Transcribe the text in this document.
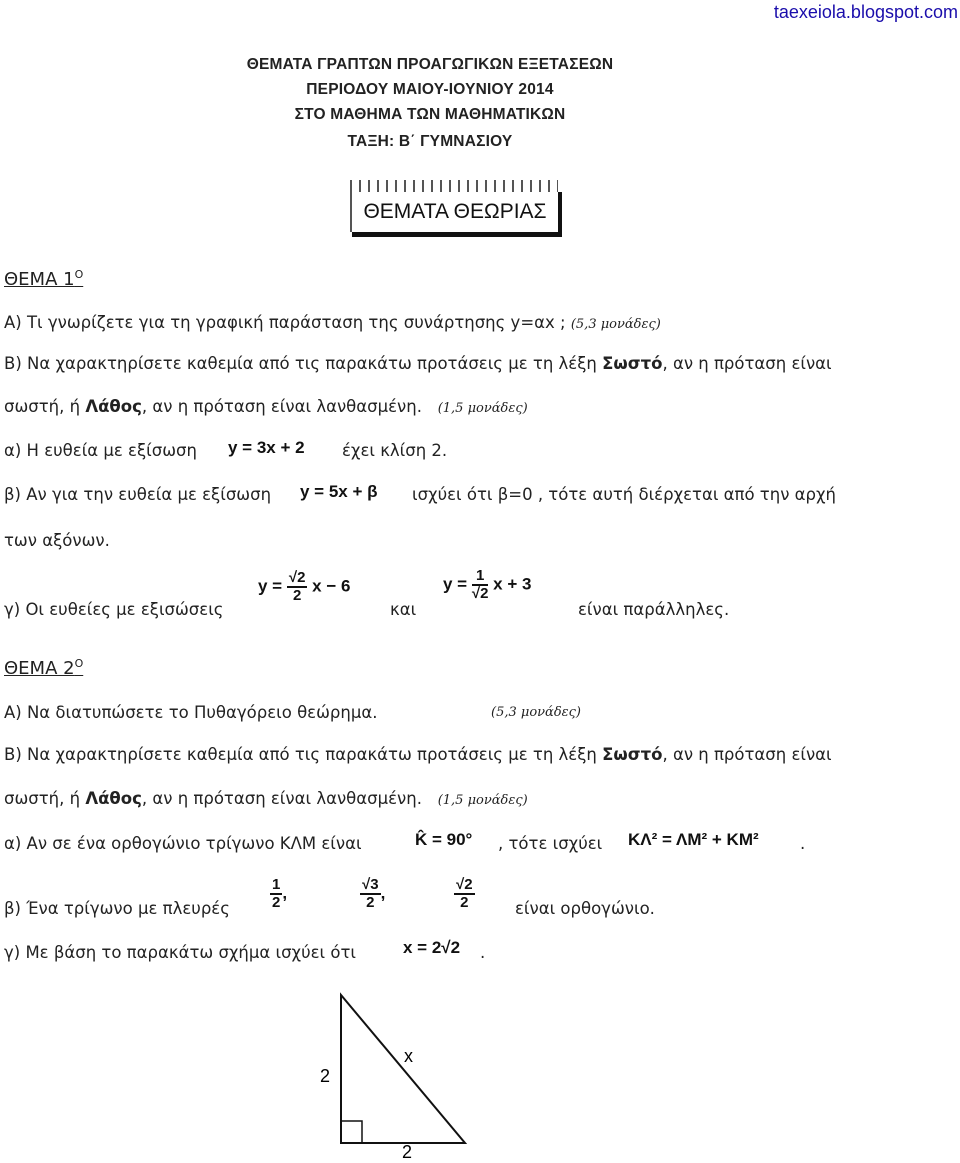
taexeiola.blogspot.com
ΘΕΜΑΤΑ ΓΡΑΠΤΩΝ ΠΡΟΑΓΩΓΙΚΩΝ ΕΞΕΤΑΣΕΩΝ
ΠΕΡΙΟΔΟΥ ΜΑΙΟΥ-ΙΟΥΝΙΟΥ 2014
ΣΤΟ ΜΑΘΗΜΑ ΤΩΝ ΜΑΘΗΜΑΤΙΚΩΝ
ΤΑΞΗ: Β΄ ΓΥΜΝΑΣΙΟΥ
ΘΕΜΑΤΑ ΘΕΩΡΙΑΣ
ΘΕΜΑ $1^O$
Α) Τι γνωρίζετε για τη γραφική παράσταση της συνάρτησης y=αx ; (5,3 μονάδες)
Β) Να χαρακτηρίσετε καθεμία από τις παρακάτω προτάσεις με τη λέξη Σωστό, αν η πρόταση είναι
σωστή, ή Λάθος, αν η πρόταση είναι λανθασμένη. (1,5 μονάδες)
α) Η ευθεία με εξίσωση y = 3x + 2 έχει κλίση 2.
β) Αν για την ευθεία με εξίσωση y = 5x + β ισχύει ότι β=0 , τότε αυτή διέρχεται από την αρχή
των αξόνων.
γ) Οι ευθείες με εξισώσεις
$y = \frac{√2}{2}$ x − 6
και
$y = \frac{1}{√2}$ x + 3
είναι παράλληλες.
ΘΕΜΑ $2^O$
Α) Να διατυπώσετε το Πυθαγόρειο θεώρημα.	(5,3 μονάδες)
Β) Να χαρακτηρίσετε καθεμία από τις παρακάτω προτάσεις με τη λέξη Σωστό, αν η πρόταση είναι
σωστή, ή Λάθος, αν η πρόταση είναι λανθασμένη. (1,5 μονάδες)
α) Αν σε ένα ορθογώνιο τρίγωνο ΚΛΜ είναι	K̂ = 90° , τότε ισχύει ΚΛ² = ΛΜ² + ΚΜ²	.
β) Ένα τρίγωνο με πλευρές	$\frac{1}{2}$ ,	$\frac{√3}{2}$ ,	$\frac{√2}{2}$ είναι ορθογώνιο.
γ) Με βάση το παρακάτω σχήμα ισχύει ότι	x = 2√2 .
2
x
2
